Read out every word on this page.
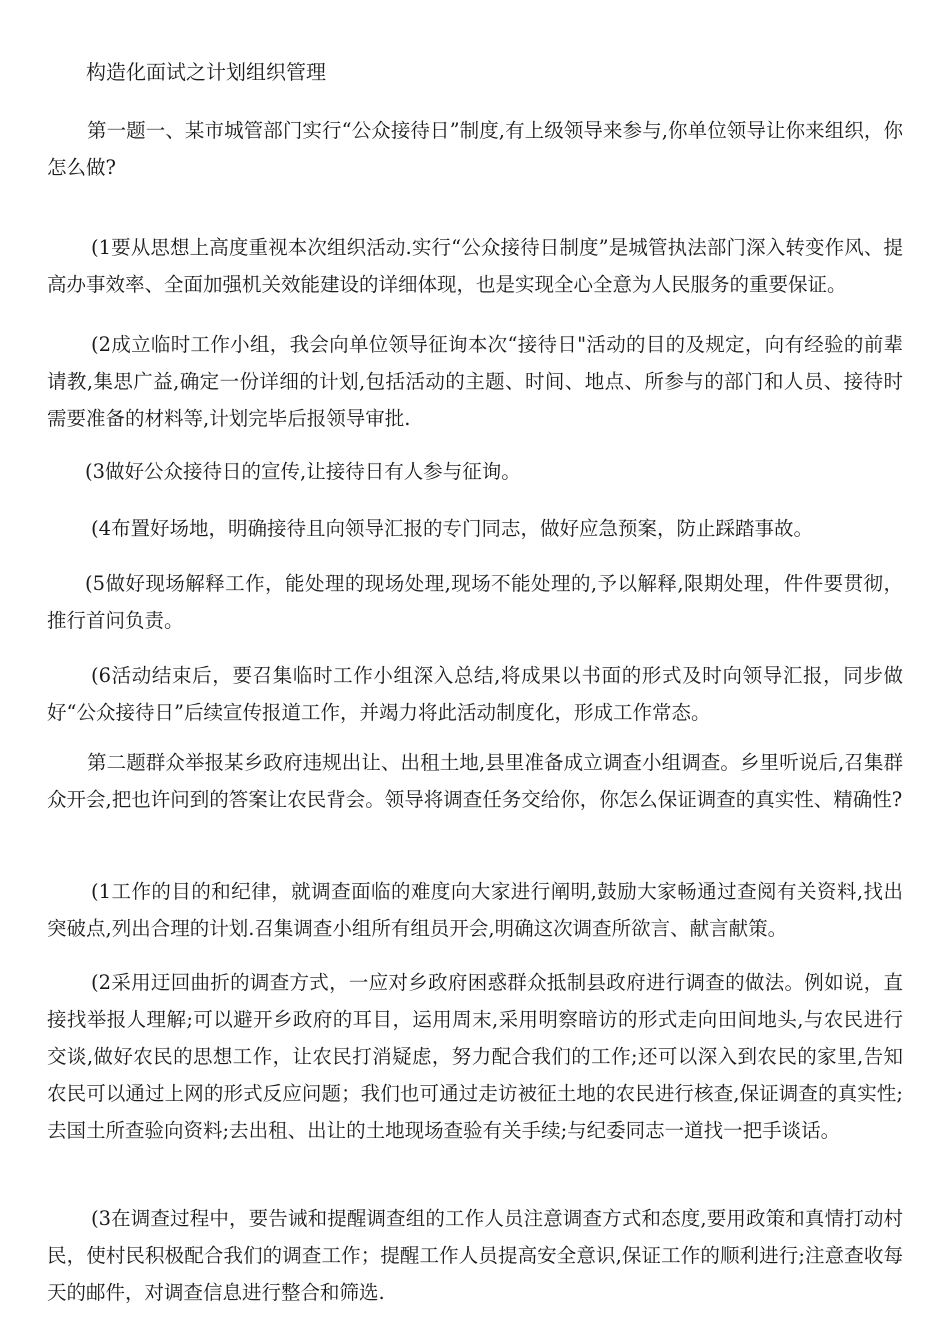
构造化面试之计划组织管理

第一题一、某市城管部门实行“公众接待日”制度,有上级领导来参与,你单位领导让你来组织，你怎么做?

(1要从思想上高度重视本次组织活动.实行“公众接待日制度”是城管执法部门深入转变作风、提高办事效率、全面加强机关效能建设的详细体现，也是实现全心全意为人民服务的重要保证。

(2成立临时工作小组，我会向单位领导征询本次“接待日"活动的目的及规定，向有经验的前辈请教,集思广益,确定一份详细的计划,包括活动的主题、时间、地点、所参与的部门和人员、接待时需要准备的材料等,计划完毕后报领导审批.

(3做好公众接待日的宣传,让接待日有人参与征询。

(4布置好场地，明确接待且向领导汇报的专门同志，做好应急预案，防止踩踏事故。

(5做好现场解释工作，能处理的现场处理,现场不能处理的,予以解释,限期处理，件件要贯彻，推行首问负责。

(6活动结束后，要召集临时工作小组深入总结,将成果以书面的形式及时向领导汇报，同步做好“公众接待日”后续宣传报道工作，并竭力将此活动制度化，形成工作常态。

第二题群众举报某乡政府违规出让、出租土地,县里准备成立调查小组调查。乡里听说后,召集群众开会,把也许问到的答案让农民背会。领导将调查任务交给你，你怎么保证调查的真实性、精确性?

(1工作的目的和纪律，就调查面临的难度向大家进行阐明,鼓励大家畅通过查阅有关资料,找出突破点,列出合理的计划.召集调查小组所有组员开会,明确这次调查所欲言、献言献策。

(2采用迂回曲折的调查方式，一应对乡政府困惑群众抵制县政府进行调查的做法。例如说，直接找举报人理解;可以避开乡政府的耳目，运用周末,采用明察暗访的形式走向田间地头,与农民进行交谈,做好农民的思想工作，让农民打消疑虑，努力配合我们的工作;还可以深入到农民的家里,告知农民可以通过上网的形式反应问题；我们也可通过走访被征土地的农民进行核查,保证调查的真实性;去国土所查验向资料;去出租、出让的土地现场查验有关手续;与纪委同志一道找一把手谈话。

(3在调查过程中，要告诫和提醒调查组的工作人员注意调查方式和态度,要用政策和真情打动村民，使村民积极配合我们的调查工作；提醒工作人员提高安全意识,保证工作的顺利进行;注意查收每天的邮件，对调查信息进行整合和筛选.
